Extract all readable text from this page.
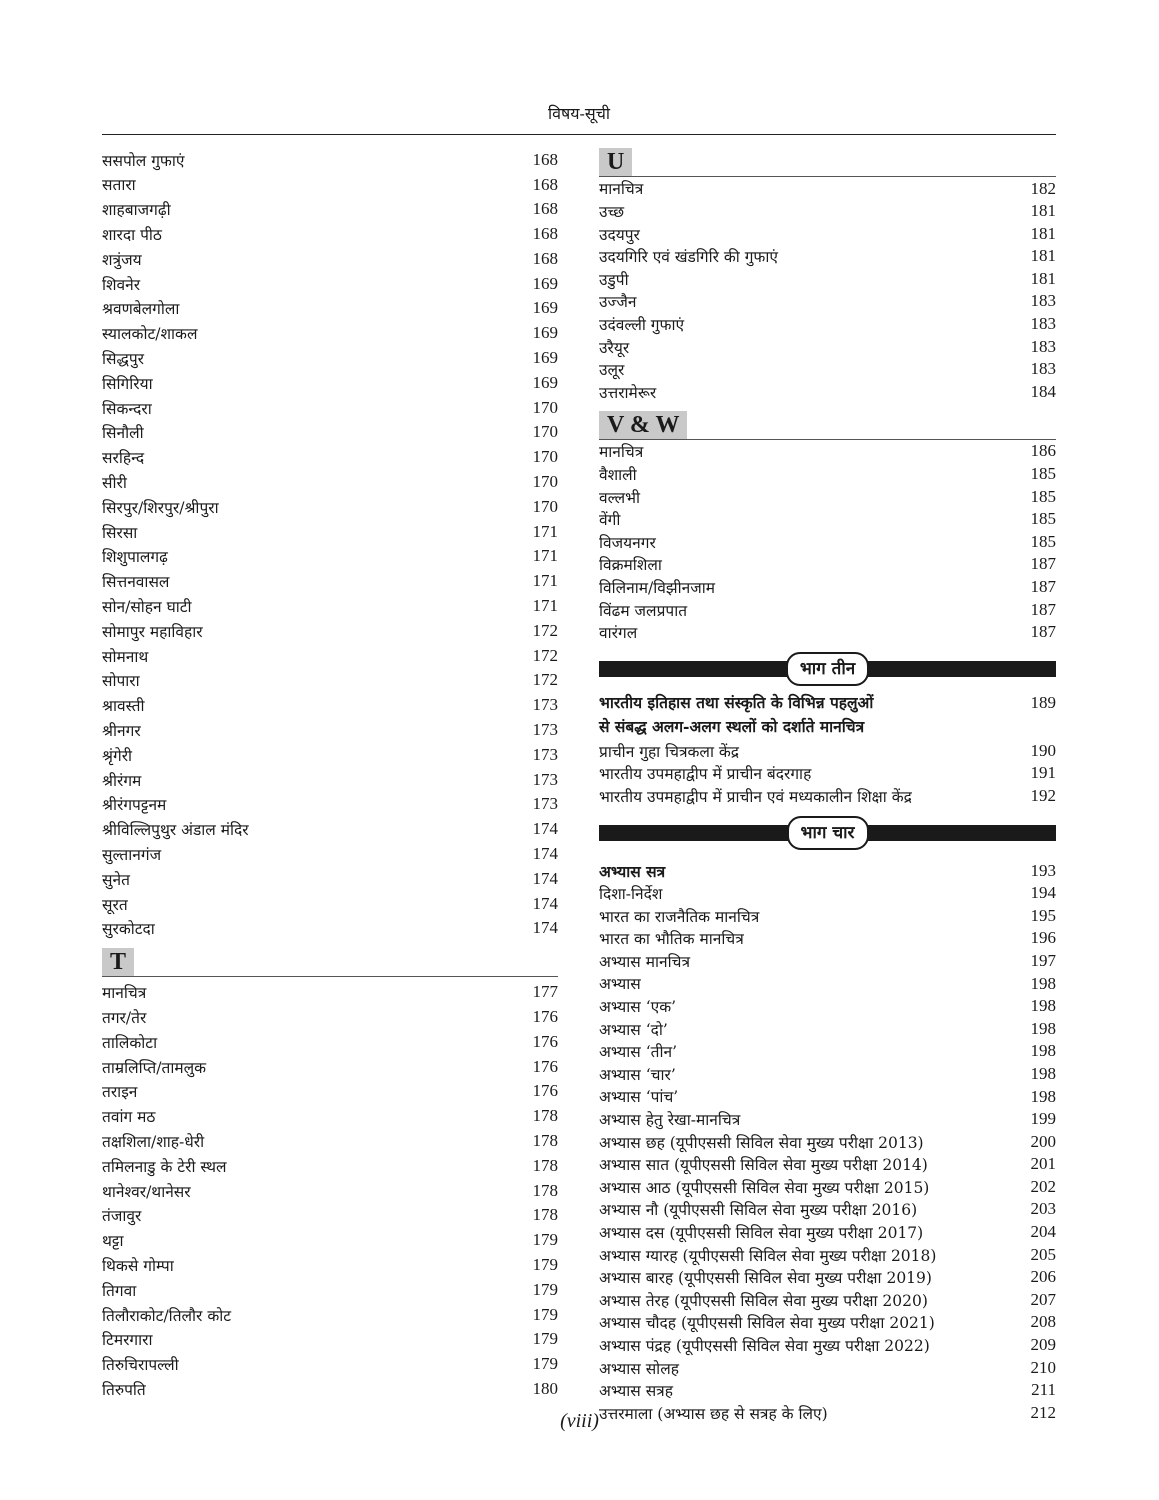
विषय-सूची
ससपोल गुफाएं	168
सतारा	168
शाहबाजगढ़ी	168
शारदा पीठ	168
शत्रुंजय	168
शिवनेर	169
श्रवणबेलगोला	169
स्यालकोट/शाकल	169
सिद्धपुर	169
सिगिरिया	169
सिकन्दरा	170
सिनौली	170
सरहिन्द	170
सीरी	170
सिरपुर/शिरपुर/श्रीपुरा	170
सिरसा	171
शिशुपालगढ़	171
सित्तनवासल	171
सोन/सोहन घाटी	171
सोमापुर महाविहार	172
सोमनाथ	172
सोपारा	172
श्रावस्ती	173
श्रीनगर	173
श्रृंगेरी	173
श्रीरंगम	173
श्रीरंगपट्टनम	173
श्रीविल्लिपुथुर अंडाल मंदिर	174
सुल्तानगंज	174
सुनेत	174
सूरत	174
सुरकोटदा	174
T
मानचित्र	177
तगर/तेर	176
तालिकोटा	176
ताम्रलिप्ति/तामलुक	176
तराइन	176
तवांग मठ	178
तक्षशिला/शाह-धेरी	178
तमिलनाडु के टेरी स्थल	178
थानेश्वर/थानेसर	178
तंजावुर	178
थट्टा	179
थिकसे गोम्पा	179
तिगवा	179
तिलौराकोट/तिलौर कोट	179
टिमरगारा	179
तिरुचिरापल्ली	179
तिरुपति	180
U
मानचित्र	182
उच्छ	181
उदयपुर	181
उदयगिरि एवं खंडगिरि की गुफाएं	181
उडुपी	181
उज्जैन	183
उदंवल्ली गुफाएं	183
उरैयूर	183
उलूर	183
उत्तरामेरूर	184
V & W
मानचित्र	186
वैशाली	185
वल्लभी	185
वेंगी	185
विजयनगर	185
विक्रमशिला	187
विलिनाम/विझीनजाम	187
विंढम जलप्रपात	187
वारंगल	187
भाग तीन
भारतीय इतिहास तथा संस्कृति के विभिन्न पहलुओं
से संबद्ध अलग-अलग स्थलों को दर्शाते मानचित्र
189
प्राचीन गुहा चित्रकला केंद्र	190
भारतीय उपमहाद्वीप में प्राचीन बंदरगाह	191
भारतीय उपमहाद्वीप में प्राचीन एवं मध्यकालीन शिक्षा केंद्र	192
भाग चार
अभ्यास सत्र	193
दिशा-निर्देश	194
भारत का राजनैतिक मानचित्र	195
भारत का भौतिक मानचित्र	196
अभ्यास मानचित्र	197
अभ्यास	198
अभ्यास ‘एक’	198
अभ्यास ‘दो’	198
अभ्यास ‘तीन’	198
अभ्यास ‘चार’	198
अभ्यास ‘पांच’	198
अभ्यास हेतु रेखा-मानचित्र	199
अभ्यास छह (यूपीएससी सिविल सेवा मुख्य परीक्षा 2013)	200
अभ्यास सात (यूपीएससी सिविल सेवा मुख्य परीक्षा 2014)	201
अभ्यास आठ (यूपीएससी सिविल सेवा मुख्य परीक्षा 2015)	202
अभ्यास नौ (यूपीएससी सिविल सेवा मुख्य परीक्षा 2016)	203
अभ्यास दस (यूपीएससी सिविल सेवा मुख्य परीक्षा 2017)	204
अभ्यास ग्यारह (यूपीएससी सिविल सेवा मुख्य परीक्षा 2018)	205
अभ्यास बारह (यूपीएससी सिविल सेवा मुख्य परीक्षा 2019)	206
अभ्यास तेरह (यूपीएससी सिविल सेवा मुख्य परीक्षा 2020)	207
अभ्यास चौदह (यूपीएससी सिविल सेवा मुख्य परीक्षा 2021)	208
अभ्यास पंद्रह (यूपीएससी सिविल सेवा मुख्य परीक्षा 2022)	209
अभ्यास सोलह	210
अभ्यास सत्रह	211
उत्तरमाला (अभ्यास छह से सत्रह के लिए)	212
(viii)
